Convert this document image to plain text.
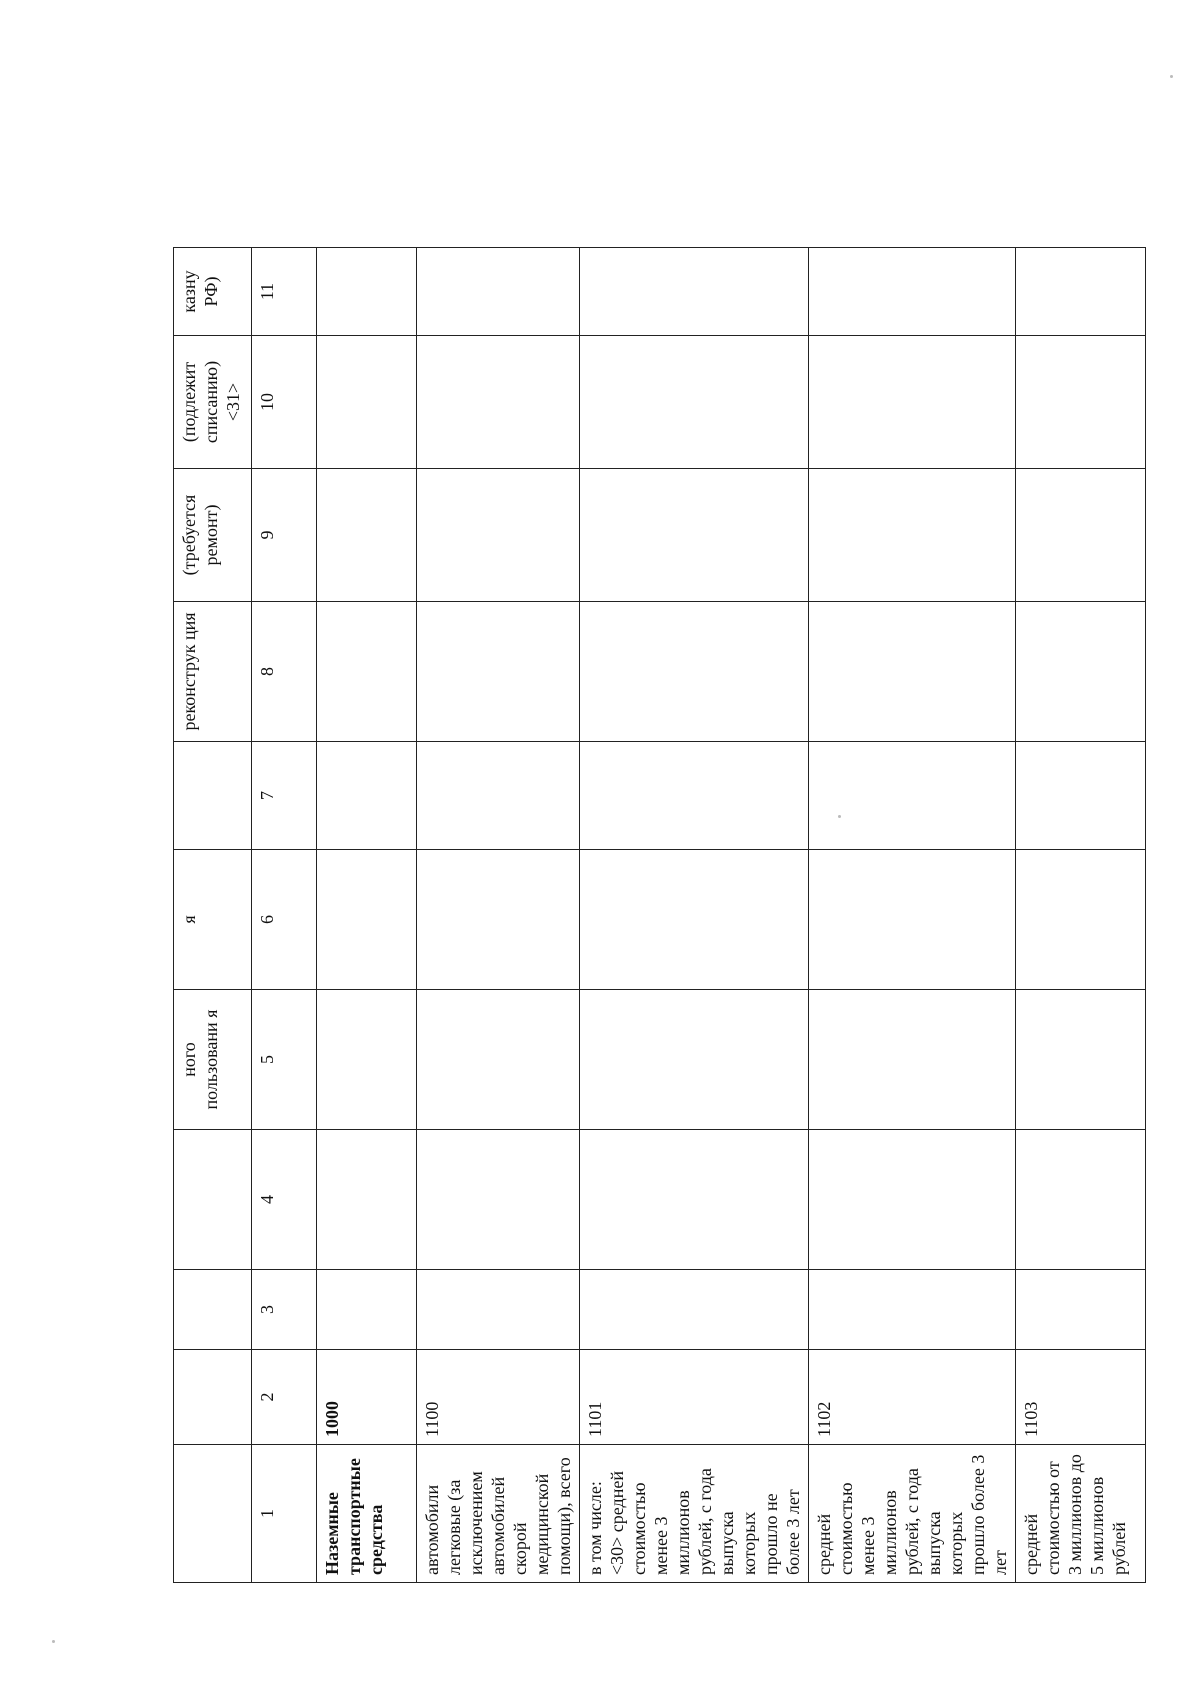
				ного пользовани я	я		реконструк ция	(требуется ремонт)	(подлежит списанию) <31>	казну РФ)
1	2	3	4	5	6	7	8	9	10	11
Наземные транспортные средства	1000									
автомобили легковые (за исключением автомобилей скорой медицинской помощи), всего	1100									
в том числе: <30> средней стоимостью менее 3 миллионов рублей, с года выпуска которых прошло не более 3 лет	1101									
средней стоимостью менее 3 миллионов рублей, с года выпуска которых прошло более 3 лет	1102									
средней стоимостью от 3 миллионов до 5 миллионов рублей	1103									
